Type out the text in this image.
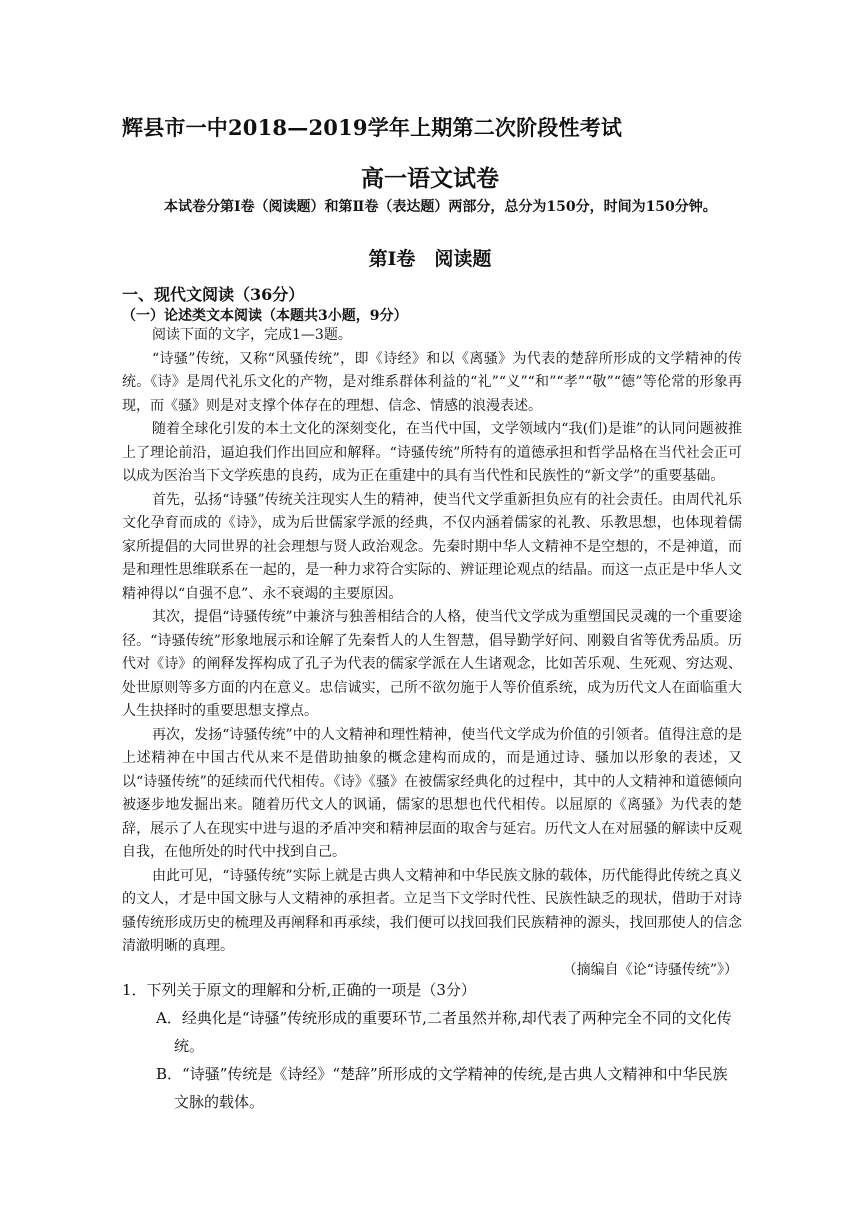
辉县市一中2018—2019学年上期第二次阶段性考试
高一语文试卷
本试卷分第Ⅰ卷（阅读题）和第Ⅱ卷（表达题）两部分，总分为150分，时间为150分钟。
第Ⅰ卷　阅读题
一、现代文阅读（36分）
（一）论述类文本阅读（本题共3小题，9分）

阅读下面的文字，完成1—3题。

“诗骚”传统，又称“风骚传统”，即《诗经》和以《离骚》为代表的楚辞所形成的文学精神的传统。《诗》是周代礼乐文化的产物，是对维系群体利益的“礼”“义”“和”“孝”“敬”“德”等伦常的形象再现，而《骚》则是对支撑个体存在的理想、信念、情感的浪漫表述。

随着全球化引发的本土文化的深刻变化，在当代中国，文学领域内“我(们)是谁”的认同问题被推上了理论前沿，逼迫我们作出回应和解释。“诗骚传统”所特有的道德承担和哲学品格在当代社会正可以成为医治当下文学疾患的良药，成为正在重建中的具有当代性和民族性的“新文学”的重要基础。

首先，弘扬“诗骚”传统关注现实人生的精神，使当代文学重新担负应有的社会责任。由周代礼乐文化孕育而成的《诗》，成为后世儒家学派的经典，不仅内涵着儒家的礼教、乐教思想，也体现着儒家所提倡的大同世界的社会理想与贤人政治观念。先秦时期中华人文精神不是空想的，不是神道，而是和理性思维联系在一起的，是一种力求符合实际的、辨证理论观点的结晶。而这一点正是中华人文精神得以“自强不息”、永不衰竭的主要原因。

其次，提倡“诗骚传统”中兼济与独善相结合的人格，使当代文学成为重塑国民灵魂的一个重要途径。“诗骚传统”形象地展示和诠解了先秦哲人的人生智慧，倡导勤学好问、刚毅自省等优秀品质。历代对《诗》的阐释发挥构成了孔子为代表的儒家学派在人生诸观念，比如苦乐观、生死观、穷达观、处世原则等多方面的内在意义。忠信诚实，己所不欲勿施于人等价值系统，成为历代文人在面临重大人生抉择时的重要思想支撑点。

再次，发扬“诗骚传统”中的人文精神和理性精神，使当代文学成为价值的引领者。值得注意的是上述精神在中国古代从来不是借助抽象的概念建构而成的，而是通过诗、骚加以形象的表述，又以“诗骚传统”的延续而代代相传。《诗》《骚》在被儒家经典化的过程中，其中的人文精神和道德倾向被逐步地发掘出来。随着历代文人的讽诵，儒家的思想也代代相传。以屈原的《离骚》为代表的楚辞，展示了人在现实中进与退的矛盾冲突和精神层面的取舍与延宕。历代文人在对屈骚的解读中反观自我，在他所处的时代中找到自己。

由此可见，“诗骚传统”实际上就是古典人文精神和中华民族文脉的载体，历代能得此传统之真义的文人，才是中国文脉与人文精神的承担者。立足当下文学时代性、民族性缺乏的现状，借助于对诗骚传统形成历史的梳理及再阐释和再承续，我们便可以找回我们民族精神的源头，找回那使人的信念清澈明晰的真理。

（摘编自《论“诗骚传统”》）

1．下列关于原文的理解和分析,正确的一项是（3分）

A．经典化是“诗骚”传统形成的重要环节,二者虽然并称,却代表了两种完全不同的文化传统。

B．“诗骚”传统是《诗经》“楚辞”所形成的文学精神的传统,是古典人文精神和中华民族文脉的载体。
